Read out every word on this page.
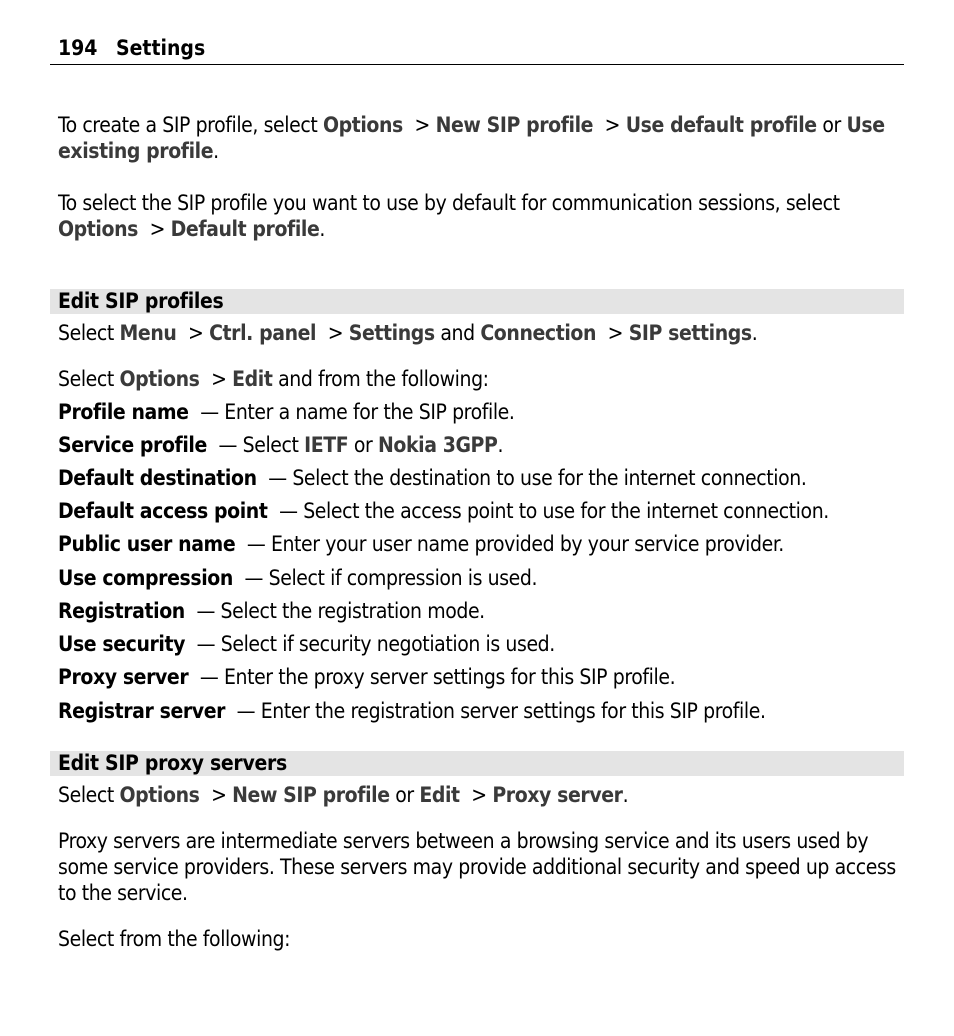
194 Settings
To create a SIP profile, select Options > New SIP profile > Use default profile or Use existing profile.
To select the SIP profile you want to use by default for communication sessions, select Options > Default profile.
Edit SIP profiles
Select Menu > Ctrl. panel > Settings and Connection > SIP settings.
Select Options > Edit and from the following:
Profile name — Enter a name for the SIP profile.
Service profile — Select IETF or Nokia 3GPP.
Default destination — Select the destination to use for the internet connection.
Default access point — Select the access point to use for the internet connection.
Public user name — Enter your user name provided by your service provider.
Use compression — Select if compression is used.
Registration — Select the registration mode.
Use security — Select if security negotiation is used.
Proxy server — Enter the proxy server settings for this SIP profile.
Registrar server — Enter the registration server settings for this SIP profile.
Edit SIP proxy servers
Select Options > New SIP profile or Edit > Proxy server.
Proxy servers are intermediate servers between a browsing service and its users used by some service providers. These servers may provide additional security and speed up access to the service.
Select from the following:
